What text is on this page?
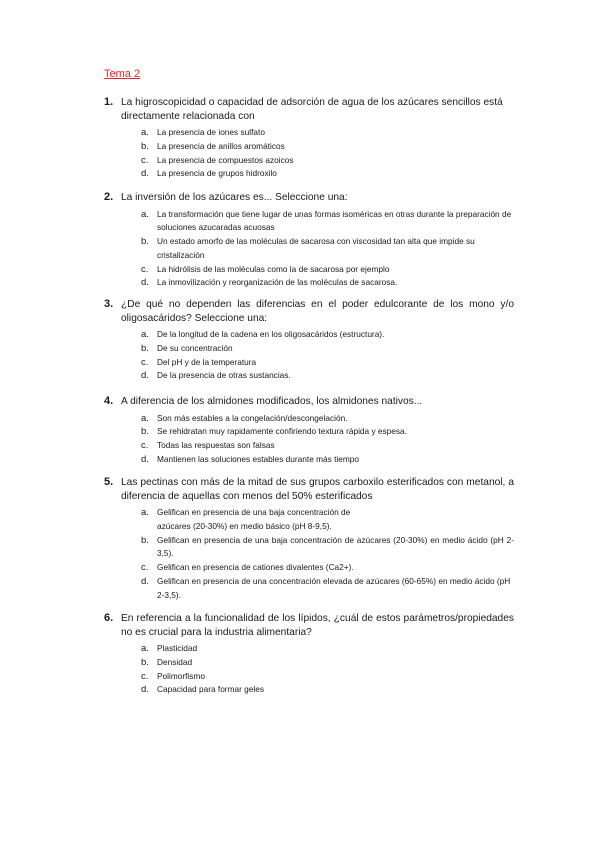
Tema 2
1. La higroscopicidad o capacidad de adsorción de agua de los azúcares sencillos está directamente relacionada con
a. La presencia de iones sulfato
b. La presencia de anillos aromáticos
c. La presencia de compuestos azoicos
d. La presencia de grupos hidroxilo
2. La inversión de los azúcares es... Seleccione una:
a. La transformación que tiene lugar de unas formas isoméricas en otras durante la preparación de soluciones azucaradas acuosas
b. Un estado amorfo de las moléculas de sacarosa con viscosidad tan alta que impide su cristalización
c. La hidrólisis de las moléculas como la de sacarosa por ejemplo
d. La inmovilización y reorganización de las moléculas de sacarosa.
3. ¿De qué no dependen las diferencias en el poder edulcorante de los mono y/o oligosacáridos? Seleccione una:
a. De la longitud de la cadena en los oligosacáridos (estructura).
b. De su concentración
c. Del pH y de la temperatura
d. De la presencia de otras sustancias.
4. A diferencia de los almidones modificados, los almidones nativos...
a. Son más estables a la congelación/descongelación.
b. Se rehidratan muy rapidamente confiriendo textura rápida y espesa.
c. Todas las respuestas son falsas
d. Mantienen las soluciones estables durante más tiempo
5. Las pectinas con más de la mitad de sus grupos carboxilo esterificados con metanol, a diferencia de aquellas con menos del 50% esterificados
a. Gelifican en presencia de una baja concentración de azúcares (20-30%) en medio básico (pH 8-9,5).
b. Gelifican en presencia de una baja concentración de azúcares (20-30%) en medio ácido (pH 2-3,5).
c. Gelifican en presencia de cationes divalentes (Ca2+).
d. Gelifican en presencia de una concentración elevada de azúcares (60-65%) en medio ácido (pH 2-3,5).
6. En referencia a la funcionalidad de los lípidos, ¿cuál de estos parámetros/propiedades no es crucial para la industria alimentaria?
a. Plasticidad
b. Densidad
c. Polimorfismo
d. Capacidad para formar geles
